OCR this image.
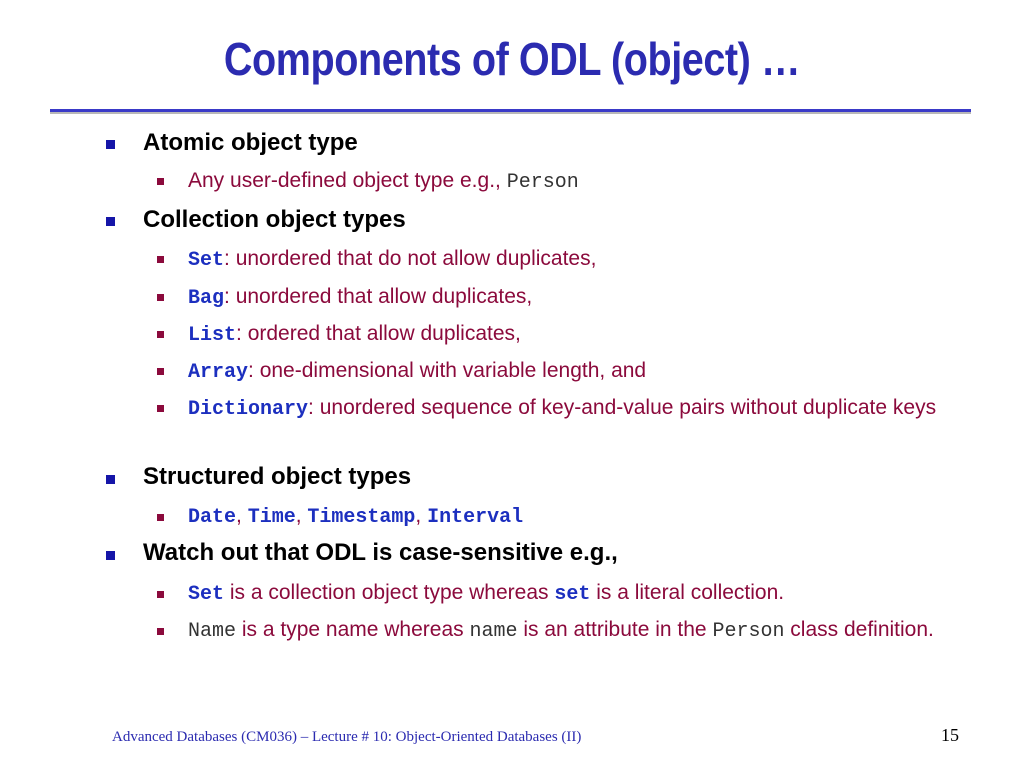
Components of ODL (object) …
Atomic object type
Any user-defined object type e.g., Person
Collection object types
Set: unordered that do not allow duplicates,
Bag: unordered that allow duplicates,
List: ordered that allow duplicates,
Array: one-dimensional with variable length, and
Dictionary: unordered sequence of key-and-value pairs without duplicate keys
Structured object types
Date, Time, Timestamp, Interval
Watch out that ODL is case-sensitive e.g.,
Set is a collection object type whereas set is a literal collection.
Name is a type name whereas name is an attribute in the Person class definition.
Advanced Databases (CM036) – Lecture # 10: Object-Oriented Databases (II)	15
